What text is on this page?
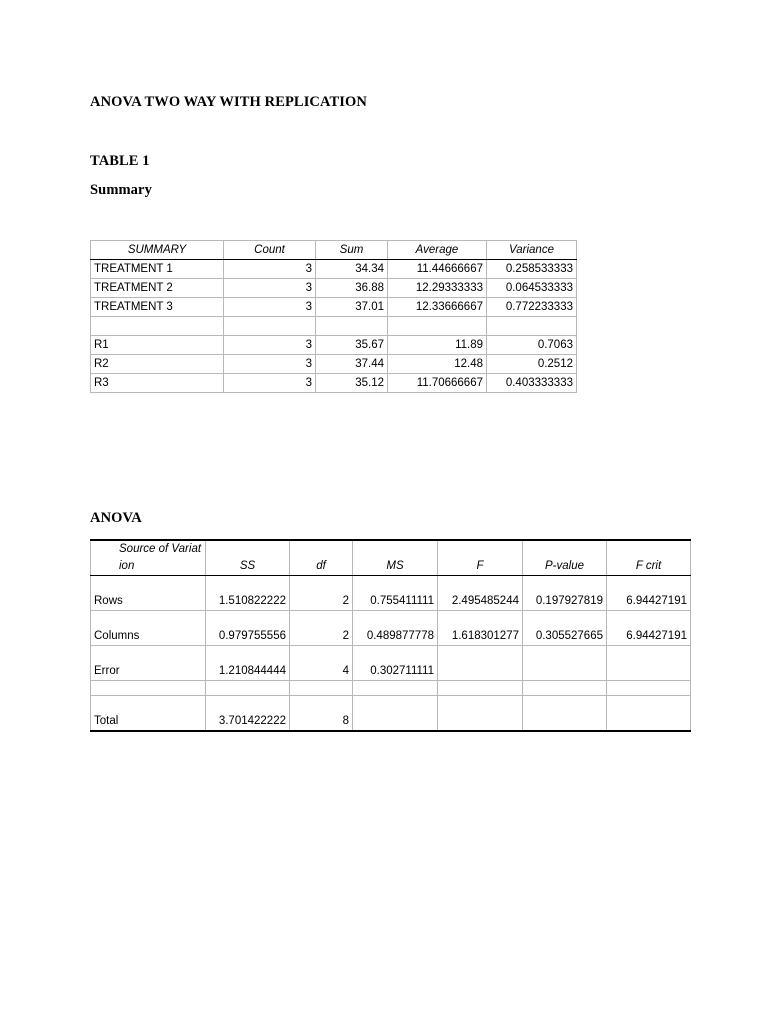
ANOVA TWO WAY WITH REPLICATION
TABLE 1
Summary
SUMMARY	Count	Sum	Average	Variance
TREATMENT 1	3	34.34	11.44666667	0.258533333
TREATMENT 2	3	36.88	12.29333333	0.064533333
TREATMENT 3	3	37.01	12.33666667	0.772233333

R1	3	35.67	11.89	0.7063
R2	3	37.44	12.48	0.2512
R3	3	35.12	11.70666667	0.403333333
ANOVA
Source of Variation	SS	df	MS	F	P-value	F crit
Rows	1.510822222	2	0.755411111	2.495485244	0.197927819	6.94427191
Columns	0.979755556	2	0.489877778	1.618301277	0.305527665	6.94427191
Error	1.210844444	4	0.302711111			

Total	3.701422222	8				
